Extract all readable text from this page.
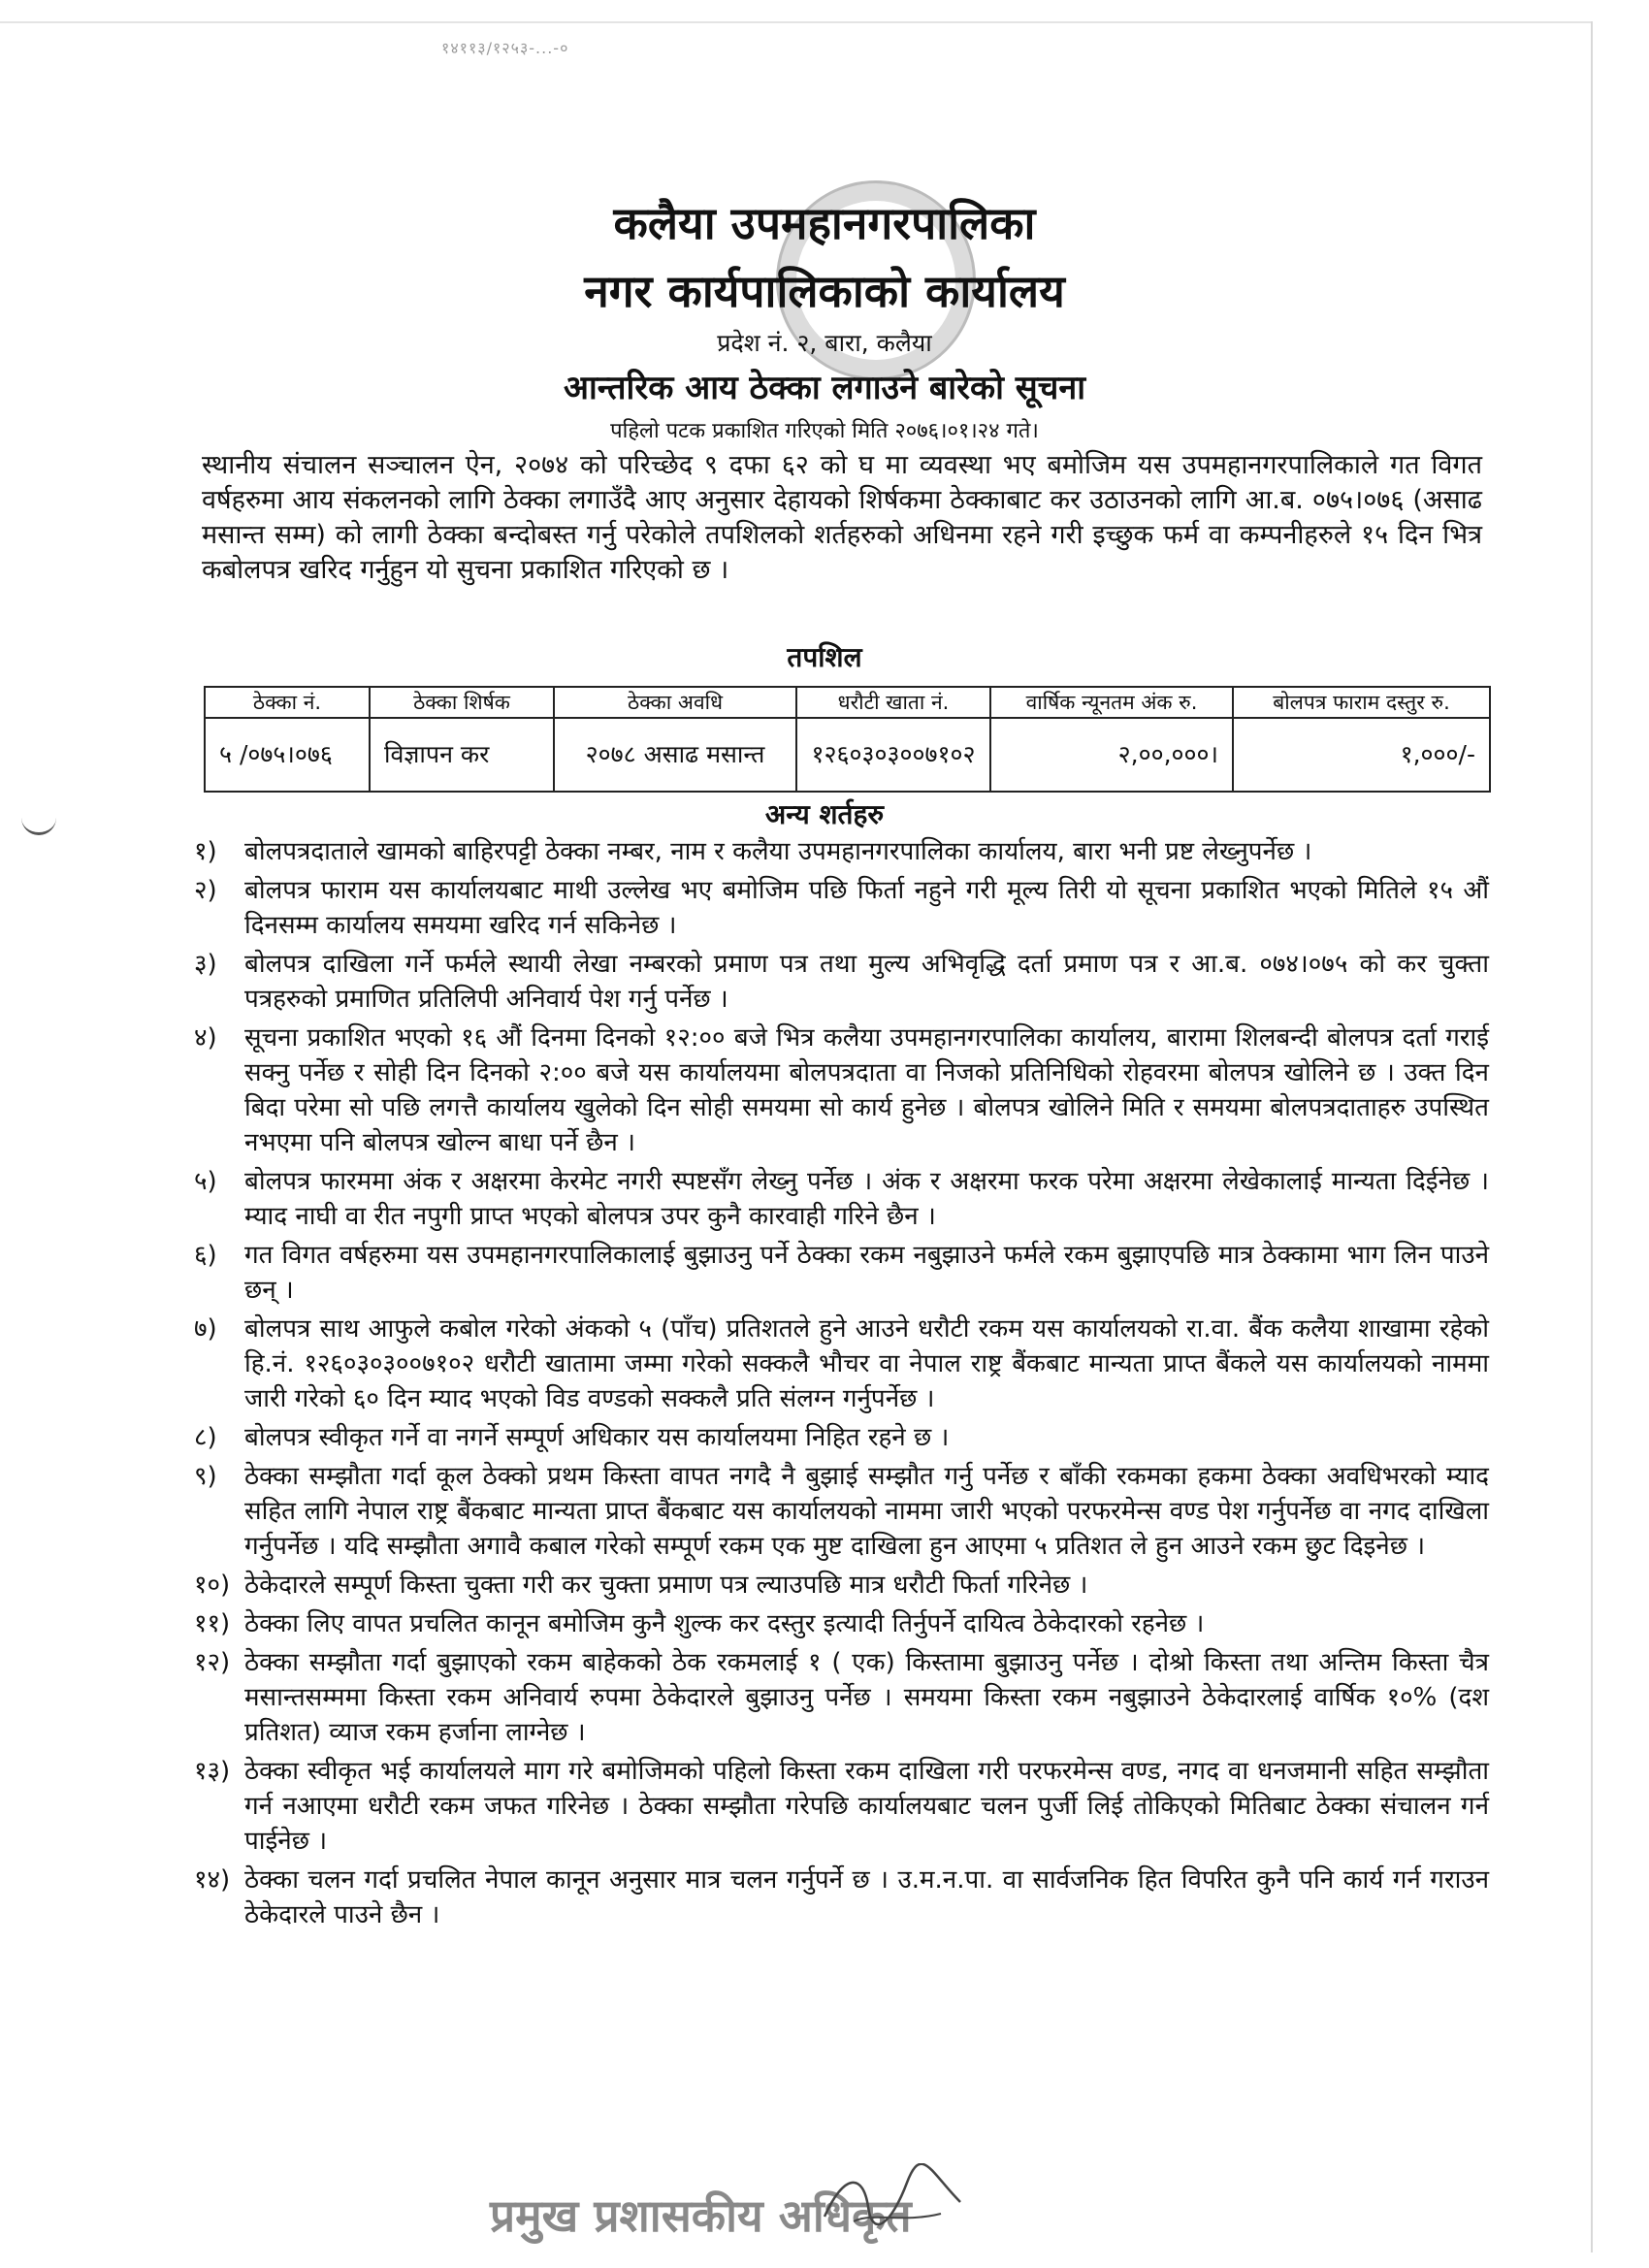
१४११३/१२५३-...-०
कलैया उपमहानगरपालिका
नगर कार्यपालिकाको कार्यालय
प्रदेश नं. २, बारा, कलैया
आन्तरिक आय ठेक्का लगाउने बारेको सूचना
पहिलो पटक प्रकाशित गरिएको मिति २०७६।०१।२४ गते।
स्थानीय संचालन सञ्चालन ऐन, २०७४ को परिच्छेद ९ दफा ६२ को घ मा व्यवस्था भए बमोजिम यस उपमहानगरपालिकाले गत विगत वर्षहरुमा आय संकलनको लागि ठेक्का लगाउँदै आए अनुसार देहायको शिर्षकमा ठेक्काबाट कर उठाउनको लागि आ.ब. ०७५।०७६ (असाढ मसान्त सम्म) को लागी ठेक्का बन्दोबस्त गर्नु परेकोले तपशिलको शर्तहरुको अधिनमा रहने गरी इच्छुक फर्म वा कम्पनीहरुले १५ दिन भित्र कबोलपत्र खरिद गर्नुहुन यो सुचना प्रकाशित गरिएको छ ।
तपशिल
ठेक्का नं.	ठेक्का शिर्षक	ठेक्का अवधि	धरौटी खाता नं.	वार्षिक न्यूनतम अंक रु.	बोलपत्र फाराम दस्तुर रु.
५ /०७५।०७६	विज्ञापन कर	२०७८ असाढ मसान्त	१२६०३०३००७१०२	२,००,०००।	१,०००/-
अन्य शर्तहरु
१)	बोलपत्रदाताले खामको बाहिरपट्टी ठेक्का नम्बर, नाम र कलैया उपमहानगरपालिका कार्यालय, बारा भनी प्रष्ट लेख्नुपर्नेछ ।
२)	बोलपत्र फाराम यस कार्यालयबाट माथी उल्लेख भए बमोजिम पछि फिर्ता नहुने गरी मूल्य तिरी यो सूचना प्रकाशित भएको मितिले १५ औं दिनसम्म कार्यालय समयमा खरिद गर्न सकिनेछ ।
३)	बोलपत्र दाखिला गर्ने फर्मले स्थायी लेखा नम्बरको प्रमाण पत्र तथा मुल्य अभिवृद्धि दर्ता प्रमाण पत्र र आ.ब. ०७४।०७५ को कर चुक्ता पत्रहरुको प्रमाणित प्रतिलिपी अनिवार्य पेश गर्नु पर्नेछ ।
४)	सूचना प्रकाशित भएको १६ औं दिनमा दिनको १२:०० बजे भित्र कलैया उपमहानगरपालिका कार्यालय, बारामा शिलबन्दी बोलपत्र दर्ता गराई सक्नु पर्नेछ र सोही दिन दिनको २:०० बजे यस कार्यालयमा बोलपत्रदाता वा निजको प्रतिनिधिको रोहवरमा बोलपत्र खोलिने छ । उक्त दिन बिदा परेमा सो पछि लगत्तै कार्यालय खुलेको दिन सोही समयमा सो कार्य हुनेछ । बोलपत्र खोलिने मिति र समयमा बोलपत्रदाताहरु उपस्थित नभएमा पनि बोलपत्र खोल्न बाधा पर्ने छैन ।
५)	बोलपत्र फारममा अंक र अक्षरमा केरमेट नगरी स्पष्टसँग लेख्नु पर्नेछ । अंक र अक्षरमा फरक परेमा अक्षरमा लेखेकालाई मान्यता दिईनेछ । म्याद नाघी वा रीत नपुगी प्राप्त भएको बोलपत्र उपर कुनै कारवाही गरिने छैन ।
६)	गत विगत वर्षहरुमा यस उपमहानगरपालिकालाई बुझाउनु पर्ने ठेक्का रकम नबुझाउने फर्मले रकम बुझाएपछि मात्र ठेक्कामा भाग लिन पाउने छन् ।
७)	बोलपत्र साथ आफुले कबोल गरेको अंकको ५ (पाँच) प्रतिशतले हुने आउने धरौटी रकम यस कार्यालयको रा.वा. बैंक कलैया शाखामा रहेको हि.नं. १२६०३०३००७१०२ धरौटी खातामा जम्मा गरेको सक्कलै भौचर वा नेपाल राष्ट्र बैंकबाट मान्यता प्राप्त बैंकले यस कार्यालयको नाममा जारी गरेको ६० दिन म्याद भएको विड वण्डको सक्कलै प्रति संलग्न गर्नुपर्नेछ ।
८)	बोलपत्र स्वीकृत गर्ने वा नगर्ने सम्पूर्ण अधिकार यस कार्यालयमा निहित रहने छ ।
९)	ठेक्का सम्झौता गर्दा कूल ठेक्को प्रथम किस्ता वापत नगदै नै बुझाई सम्झौत गर्नु पर्नेछ र बाँकी रकमका हकमा ठेक्का अवधिभरको म्याद सहित लागि नेपाल राष्ट्र बैंकबाट मान्यता प्राप्त बैंकबाट यस कार्यालयको नाममा जारी भएको परफरमेन्स वण्ड पेश गर्नुपर्नेछ वा नगद दाखिला गर्नुपर्नेछ । यदि सम्झौता अगावै कबाल गरेको सम्पूर्ण रकम एक मुष्ट दाखिला हुन आएमा ५ प्रतिशत ले हुन आउने रकम छुट दिइनेछ ।
१०) ठेकेदारले सम्पूर्ण किस्ता चुक्ता गरी कर चुक्ता प्रमाण पत्र ल्याउपछि मात्र धरौटी फिर्ता गरिनेछ ।
११) ठेक्का लिए वापत प्रचलित कानून बमोजिम कुनै शुल्क कर दस्तुर इत्यादी तिर्नुपर्ने दायित्व ठेकेदारको रहनेछ ।
१२) ठेक्का सम्झौता गर्दा बुझाएको रकम बाहेकको ठेक रकमलाई १ ( एक) किस्तामा बुझाउनु पर्नेछ । दोश्रो किस्ता तथा अन्तिम किस्ता चैत्र मसान्तसम्ममा किस्ता रकम अनिवार्य रुपमा ठेकेदारले बुझाउनु पर्नेछ । समयमा किस्ता रकम नबुझाउने ठेकेदारलाई वार्षिक १०% (दश प्रतिशत) व्याज रकम हर्जाना लाग्नेछ ।
१३) ठेक्का स्वीकृत भई कार्यालयले माग गरे बमोजिमको पहिलो किस्ता रकम दाखिला गरी परफरमेन्स वण्ड, नगद वा धनजमानी सहित सम्झौता गर्न नआएमा धरौटी रकम जफत गरिनेछ । ठेक्का सम्झौता गरेपछि कार्यालयबाट चलन पुर्जी लिई तोकिएको मितिबाट ठेक्का संचालन गर्न पाईनेछ ।
१४) ठेक्का चलन गर्दा प्रचलित नेपाल कानून अनुसार मात्र चलन गर्नुपर्ने छ । उ.म.न.पा. वा सार्वजनिक हित विपरित कुनै पनि कार्य गर्न गराउन ठेकेदारले पाउने छैन ।
प्रमुख प्रशासकीय अधिकृत
